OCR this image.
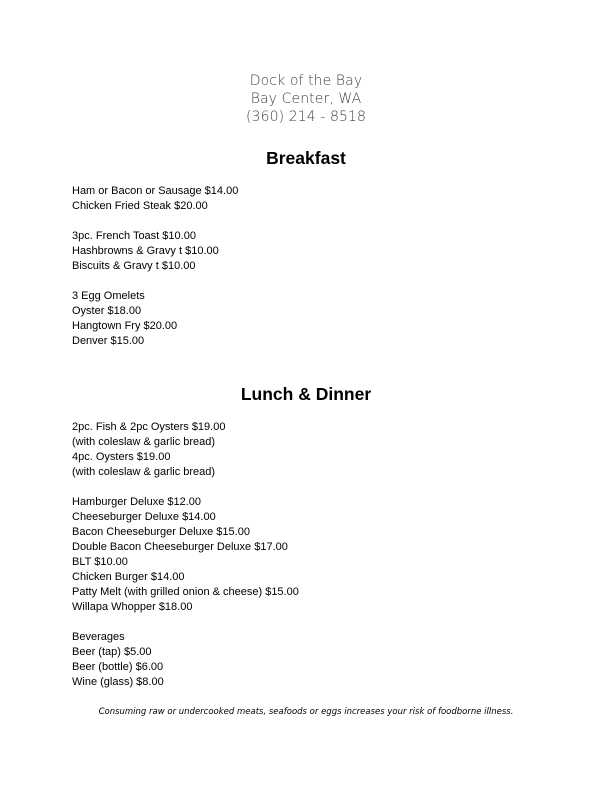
Dock of the Bay
Bay Center, WA
(360) 214 - 8518
Breakfast
Ham or Bacon or Sausage $14.00
Chicken Fried Steak $20.00
3pc. French Toast $10.00
Hashbrowns & Gravy t $10.00
Biscuits & Gravy t $10.00
3 Egg Omelets
Oyster $18.00
Hangtown Fry $20.00
Denver $15.00
Lunch & Dinner
2pc. Fish & 2pc Oysters $19.00
(with coleslaw & garlic bread)
4pc. Oysters $19.00
(with coleslaw & garlic bread)
Hamburger Deluxe $12.00
Cheeseburger Deluxe $14.00
Bacon Cheeseburger Deluxe $15.00
Double Bacon Cheeseburger Deluxe $17.00
BLT $10.00
Chicken Burger $14.00
Patty Melt (with grilled onion & cheese) $15.00
Willapa Whopper $18.00
Beverages
Beer (tap) $5.00
Beer (bottle) $6.00
Wine (glass) $8.00
Consuming raw or undercooked meats, seafoods or eggs increases your risk of foodborne illness.
